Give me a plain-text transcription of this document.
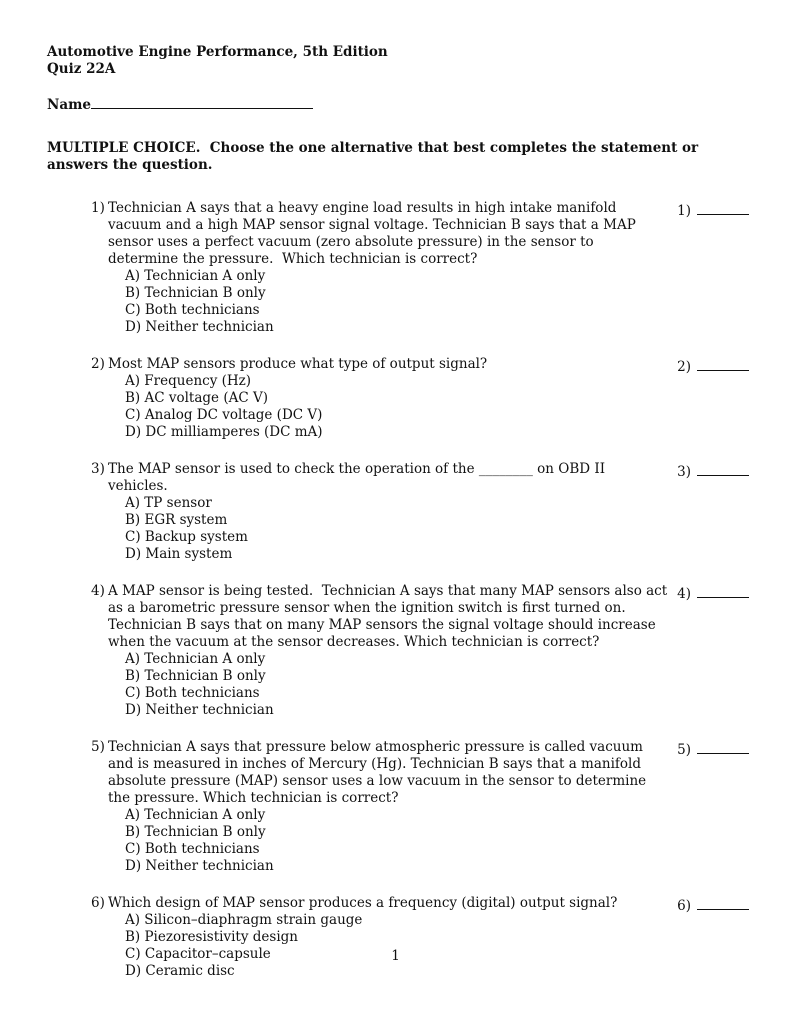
Automotive Engine Performance, 5th Edition

Quiz 22A

Name

MULTIPLE CHOICE.  Choose the one alternative that best completes the statement or answers the question.

1) Technician A says that a heavy engine load results in high intake manifold vacuum and a high MAP sensor signal voltage. Technician B says that a MAP sensor uses a perfect vacuum (zero absolute pressure) in the sensor to determine the pressure.  Which technician is correct?

A) Technician A only

B) Technician B only

C) Both technicians

D) Neither technician

1)
2) Most MAP sensors produce what type of output signal?

A) Frequency (Hz)

B) AC voltage (AC V)

C) Analog DC voltage (DC V)

D) DC milliamperes (DC mA)

2)
3) The MAP sensor is used to check the operation of the ________ on OBD II vehicles.

A) TP sensor

B) EGR system

C) Backup system

D) Main system

3)
4) A MAP sensor is being tested.  Technician A says that many MAP sensors also act as a barometric pressure sensor when the ignition switch is first turned on.  Technician B says that on many MAP sensors the signal voltage should increase when the vacuum at the sensor decreases. Which technician is correct?

A) Technician A only

B) Technician B only

C) Both technicians

D) Neither technician

4)
5) Technician A says that pressure below atmospheric pressure is called vacuum and is measured in inches of Mercury (Hg). Technician B says that a manifold absolute pressure (MAP) sensor uses a low vacuum in the sensor to determine the pressure. Which technician is correct?

A) Technician A only

B) Technician B only

C) Both technicians

D) Neither technician

5)
6) Which design of MAP sensor produces a frequency (digital) output signal?

A) Silicon–diaphragm strain gauge

B) Piezoresistivity design

C) Capacitor–capsule

D) Ceramic disc

6)
1
